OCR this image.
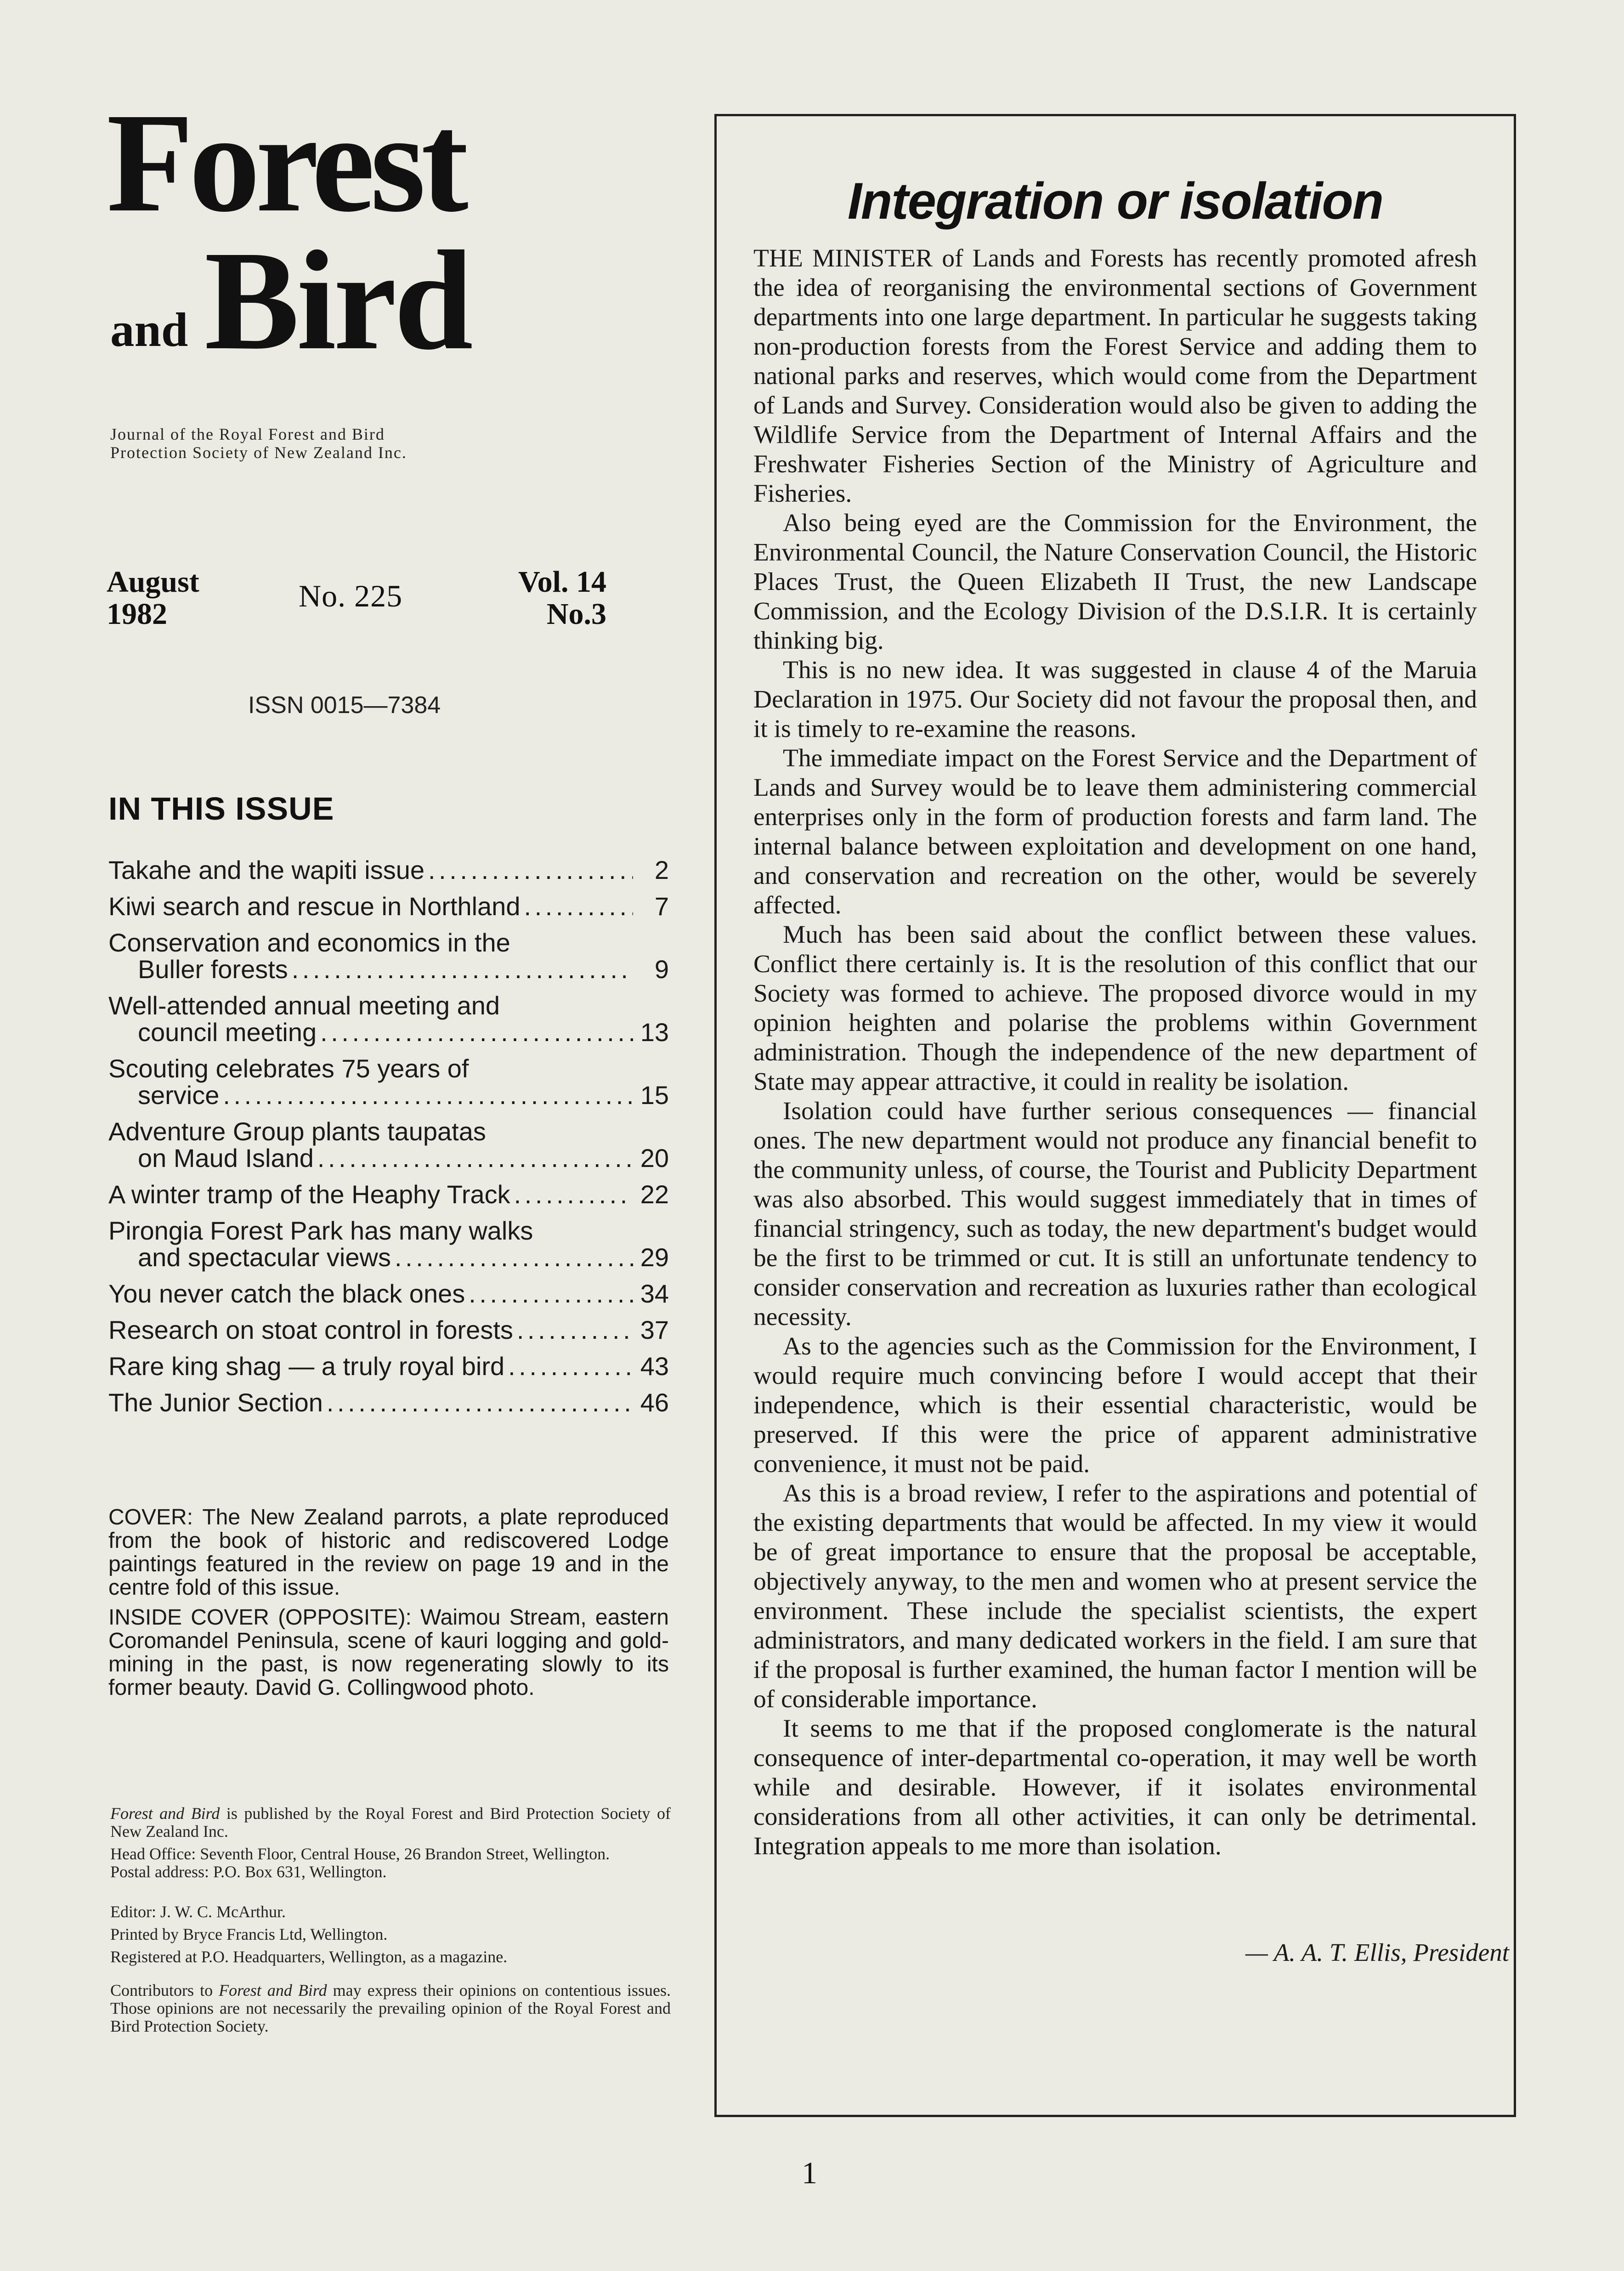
Forest
and Bird
Journal of the Royal Forest and Bird
Protection Society of New Zealand Inc.
August
1982
No. 225	Vol. 14
No.3
ISSN 0015—7384
IN THIS ISSUE
Takahe and the wapiti issue . . .	2
Kiwi search and rescue in Northland . . .	7
Conservation and economics in the
Buller forests . . .	9
Well-attended annual meeting and
council meeting . . .	13
Scouting celebrates 75 years of
service . . .	15
Adventure Group plants taupatas
on Maud Island . . .	20
A winter tramp of the Heaphy Track . . .	22
Pirongia Forest Park has many walks
and spectacular views . . .	29
You never catch the black ones . . .	34
Research on stoat control in forests . . .	37
Rare king shag — a truly royal bird . . .	43
The Junior Section . . .	46

COVER: The New Zealand parrots, a plate reproduced from the book of historic and rediscovered Lodge paintings featured in the review on page 19 and in the centre fold of this issue.

INSIDE COVER (OPPOSITE): Waimou Stream, eastern Coromandel Peninsula, scene of kauri logging and gold-mining in the past, is now regenerating slowly to its former beauty. David G. Collingwood photo.

Forest and Bird is published by the Royal Forest and Bird Protection Society of New Zealand Inc.

Head Office: Seventh Floor, Central House, 26 Brandon Street, Wellington.

Postal address: P.O. Box 631, Wellington.

Editor: J. W. C. McArthur.

Printed by Bryce Francis Ltd, Wellington.

Registered at P.O. Headquarters, Wellington, as a magazine.

Contributors to Forest and Bird may express their opinions on contentious issues. Those opinions are not necessarily the prevailing opinion of the Royal Forest and Bird Protection Society.

Integration or isolation

THE MINISTER of Lands and Forests has recently promoted afresh the idea of reorganising the environmental sections of Government departments into one large department. In particular he suggests taking non-production forests from the Forest Service and adding them to national parks and reserves, which would come from the Department of Lands and Survey. Consideration would also be given to adding the Wildlife Service from the Department of Internal Affairs and the Freshwater Fisheries Section of the Ministry of Agriculture and Fisheries.

Also being eyed are the Commission for the Environment, the Environmental Council, the Nature Conservation Council, the Historic Places Trust, the Queen Elizabeth II Trust, the new Landscape Commission, and the Ecology Division of the D.S.I.R. It is certainly thinking big.

This is no new idea. It was suggested in clause 4 of the Maruia Declaration in 1975. Our Society did not favour the proposal then, and it is timely to re-examine the reasons.

The immediate impact on the Forest Service and the Department of Lands and Survey would be to leave them administering commercial enterprises only in the form of production forests and farm land. The internal balance between exploitation and development on one hand, and conservation and recreation on the other, would be severely affected.

Much has been said about the conflict between these values. Conflict there certainly is. It is the resolution of this conflict that our Society was formed to achieve. The proposed divorce would in my opinion heighten and polarise the problems within Government administration. Though the independence of the new department of State may appear attractive, it could in reality be isolation.

Isolation could have further serious consequences — financial ones. The new department would not produce any financial benefit to the community unless, of course, the Tourist and Publicity Department was also absorbed. This would suggest immediately that in times of financial stringency, such as today, the new department's budget would be the first to be trimmed or cut. It is still an unfortunate tendency to consider conservation and recreation as luxuries rather than ecological necessity.

As to the agencies such as the Commission for the Environment, I would require much convincing before I would accept that their independence, which is their essential characteristic, would be preserved. If this were the price of apparent administrative convenience, it must not be paid.

As this is a broad review, I refer to the aspirations and potential of the existing departments that would be affected. In my view it would be of great importance to ensure that the proposal be acceptable, objectively anyway, to the men and women who at present service the environment. These include the specialist scientists, the expert administrators, and many dedicated workers in the field. I am sure that if the proposal is further examined, the human factor I mention will be of considerable importance.

It seems to me that if the proposed conglomerate is the natural consequence of inter-departmental co-operation, it may well be worth while and desirable. However, if it isolates environmental considerations from all other activities, it can only be detrimental. Integration appeals to me more than isolation.

— A. A. T. Ellis, President
1
